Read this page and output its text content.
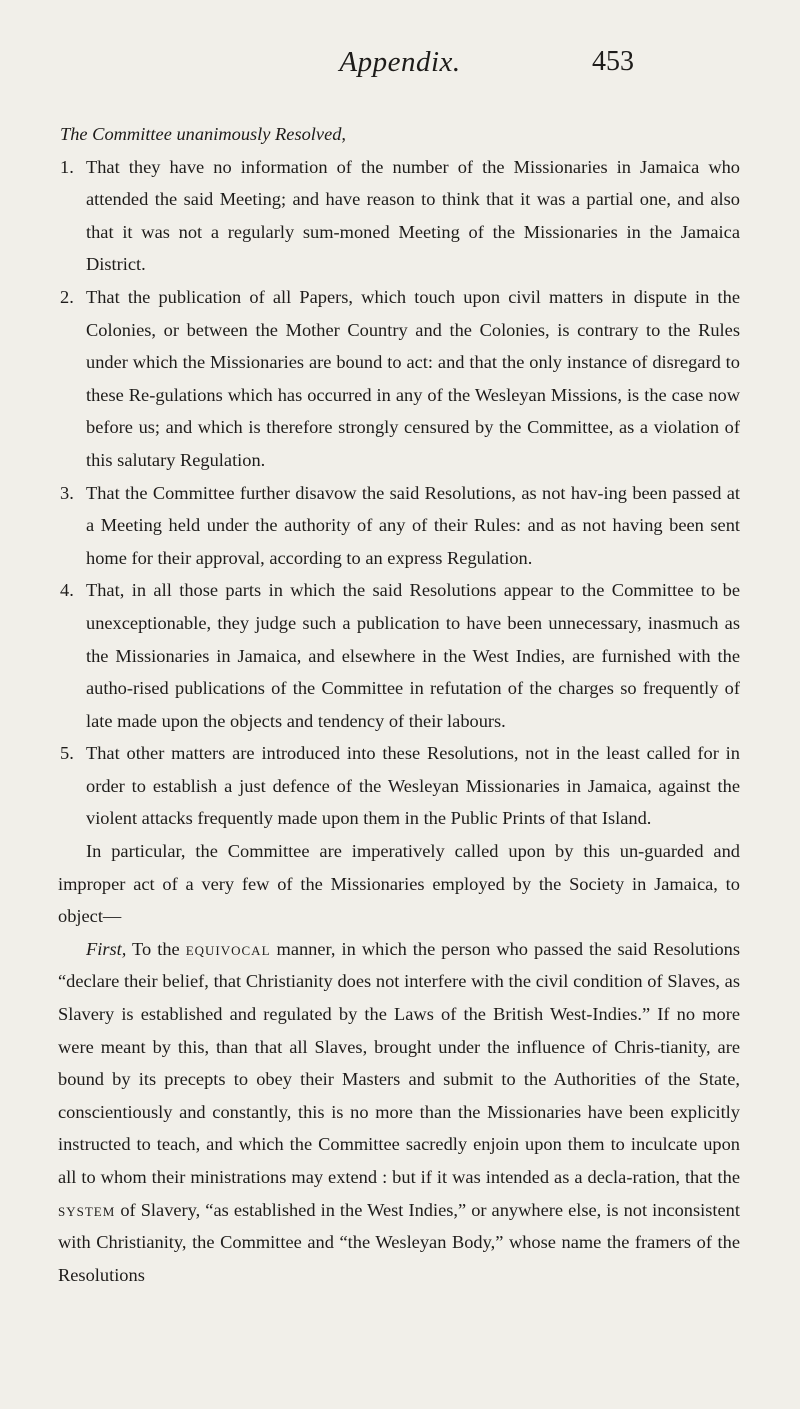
Appendix.	453

The Committee unanimously Resolved,

1. That they have no information of the number of the Missionaries in Jamaica who attended the said Meeting; and have reason to think that it was a partial one, and also that it was not a regularly sum-moned Meeting of the Missionaries in the Jamaica District.
2. That the publication of all Papers, which touch upon civil matters in dispute in the Colonies, or between the Mother Country and the Colonies, is contrary to the Rules under which the Missionaries are bound to act: and that the only instance of disregard to these Re-gulations which has occurred in any of the Wesleyan Missions, is the case now before us; and which is therefore strongly censured by the Committee, as a violation of this salutary Regulation.
3. That the Committee further disavow the said Resolutions, as not hav-ing been passed at a Meeting held under the authority of any of their Rules: and as not having been sent home for their approval, according to an express Regulation.
4. That, in all those parts in which the said Resolutions appear to the Committee to be unexceptionable, they judge such a publication to have been unnecessary, inasmuch as the Missionaries in Jamaica, and elsewhere in the West Indies, are furnished with the autho-rised publications of the Committee in refutation of the charges so frequently of late made upon the objects and tendency of their labours.
5. That other matters are introduced into these Resolutions, not in the least called for in order to establish a just defence of the Wesleyan Missionaries in Jamaica, against the violent attacks frequently made upon them in the Public Prints of that Island.

In particular, the Committee are imperatively called upon by this un-guarded and improper act of a very few of the Missionaries employed by the Society in Jamaica, to object—

First, To the equivocal manner, in which the person who passed the said Resolutions “declare their belief, that Christianity does not interfere with the civil condition of Slaves, as Slavery is established and regulated by the Laws of the British West-Indies.” If no more were meant by this, than that all Slaves, brought under the influence of Chris-tianity, are bound by its precepts to obey their Masters and submit to the Authorities of the State, conscientiously and constantly, this is no more than the Missionaries have been explicitly instructed to teach, and which the Committee sacredly enjoin upon them to inculcate upon all to whom their ministrations may extend : but if it was intended as a decla-ration, that the system of Slavery, “as established in the West Indies,” or anywhere else, is not inconsistent with Christianity, the Committee and “the Wesleyan Body,” whose name the framers of the Resolutions
